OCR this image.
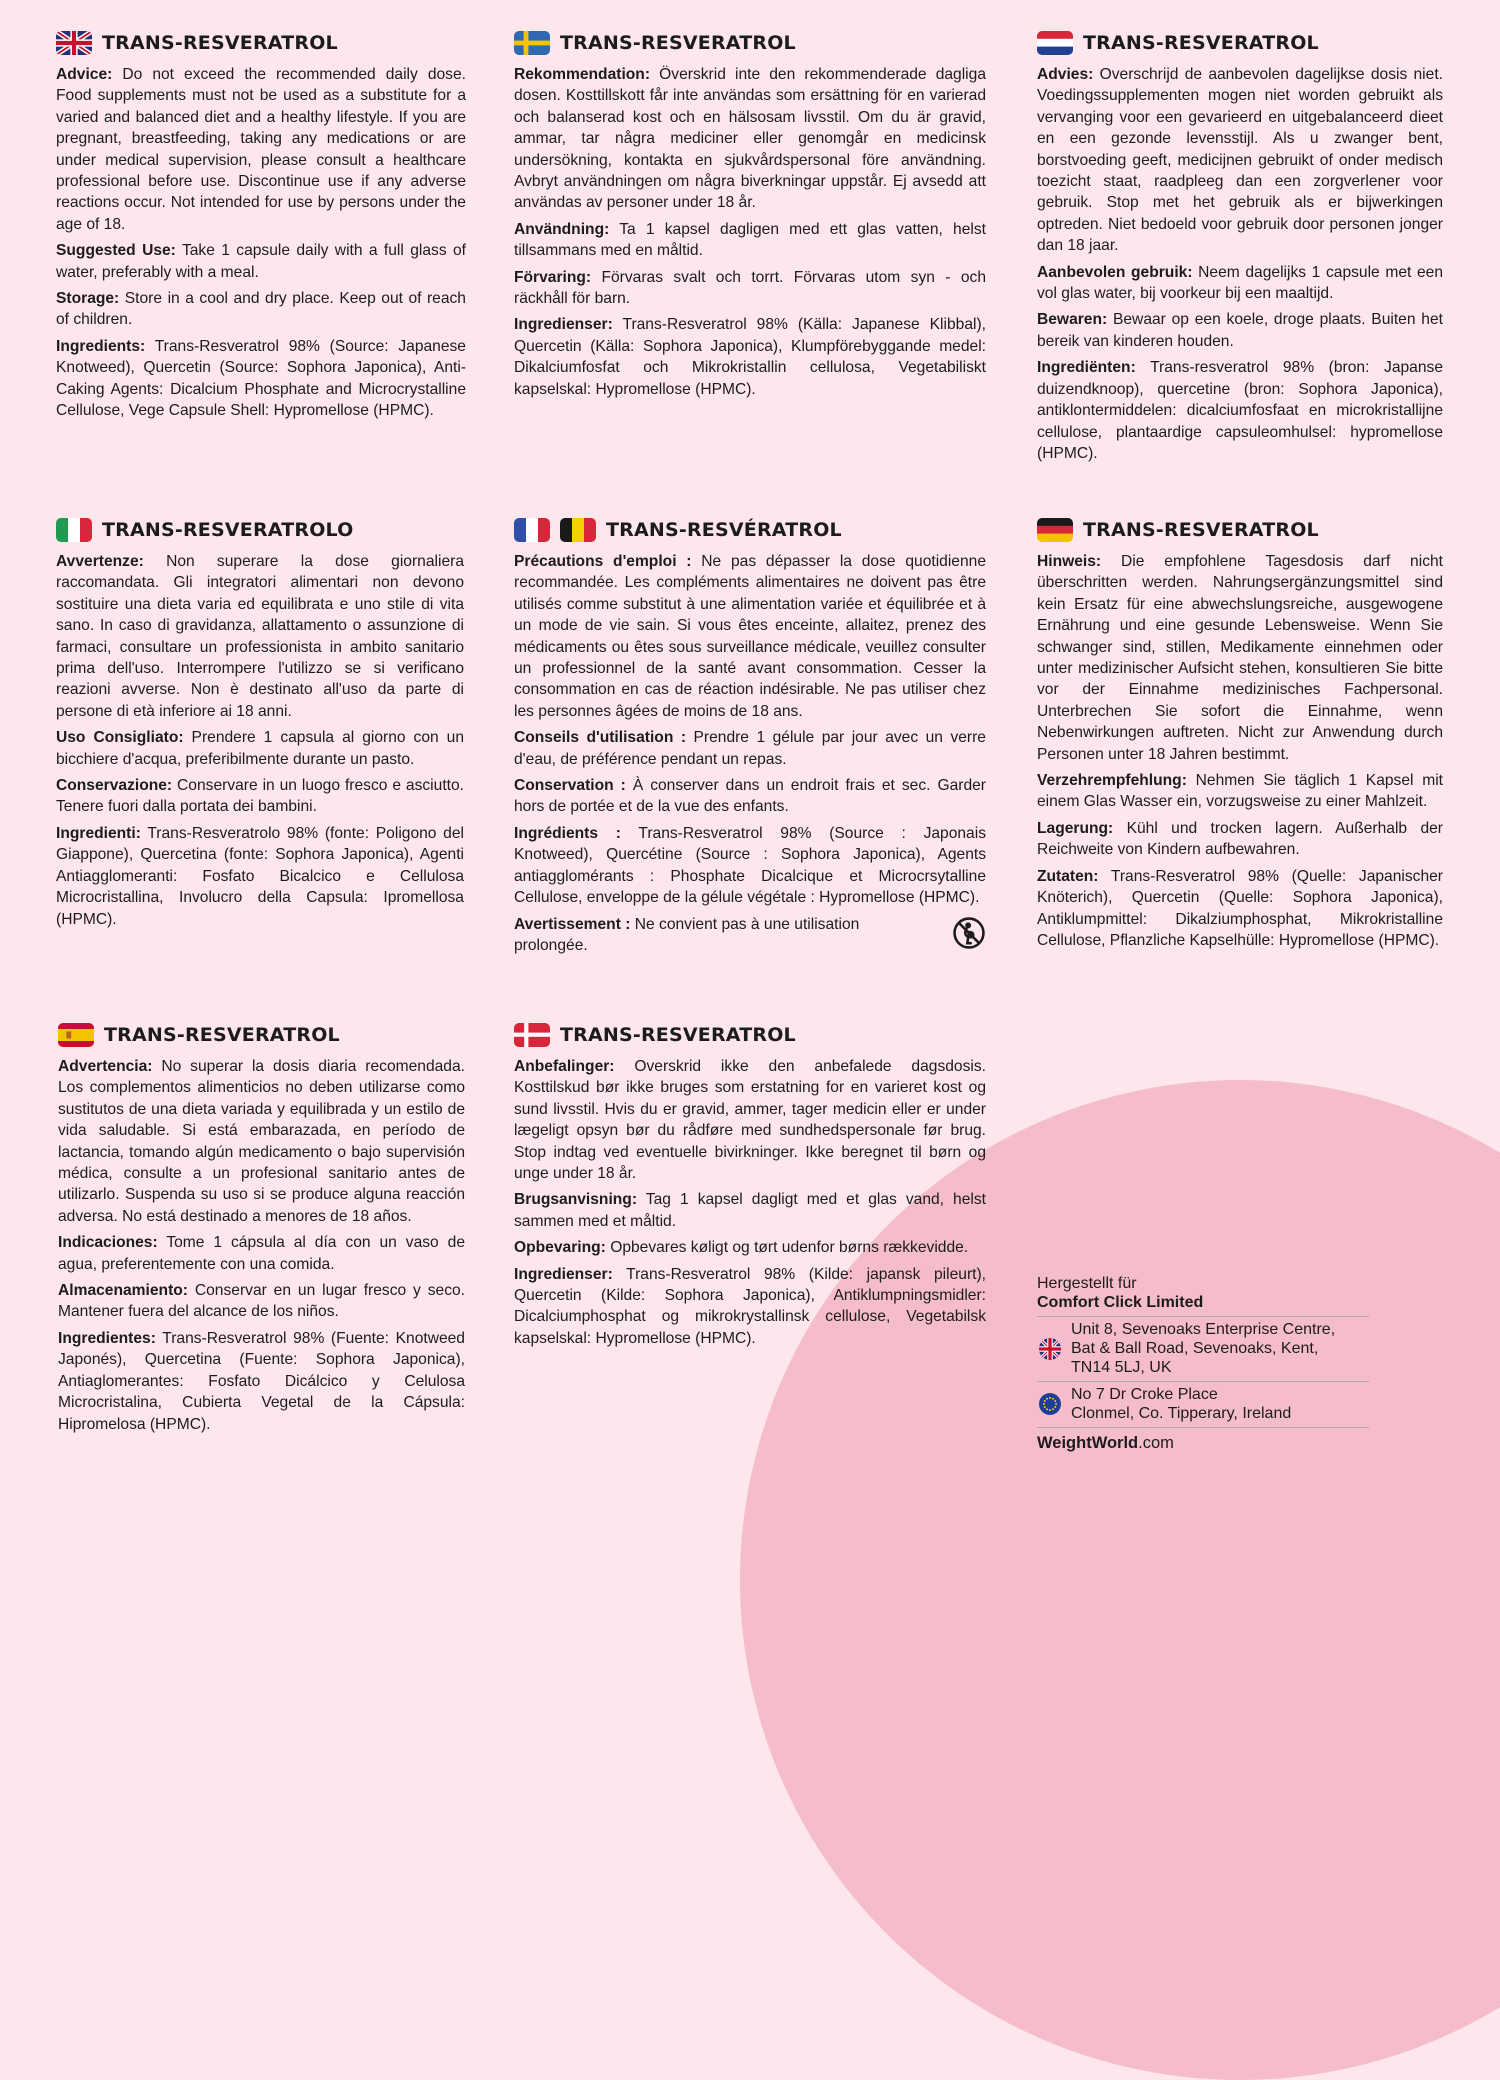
TRANS-RESVERATROL

Advice: Do not exceed the recommended daily dose. Food supplements must not be used as a substitute for a varied and balanced diet and a healthy lifestyle. If you are pregnant, breastfeeding, taking any medications or are under medical supervision, please consult a healthcare professional before use. Discontinue use if any adverse reactions occur. Not intended for use by persons under the age of 18.

Suggested Use: Take 1 capsule daily with a full glass of water, preferably with a meal.

Storage: Store in a cool and dry place. Keep out of reach of children.

Ingredients: Trans-Resveratrol 98% (Source: Japanese Knotweed), Quercetin (Source: Sophora Japonica), Anti-Caking Agents: Dicalcium Phosphate and Microcrystalline Cellulose, Vege Capsule Shell: Hypromellose (HPMC).

TRANS-RESVERATROL

Rekommendation: Överskrid inte den rekommenderade dagliga dosen. Kosttillskott får inte användas som ersättning för en varierad och balanserad kost och en hälsosam livsstil. Om du är gravid, ammar, tar några mediciner eller genomgår en medicinsk undersökning, kontakta en sjukvårdspersonal före användning. Avbryt användningen om några biverkningar uppstår. Ej avsedd att användas av personer under 18 år.

Användning: Ta 1 kapsel dagligen med ett glas vatten, helst tillsammans med en måltid.

Förvaring: Förvaras svalt och torrt. Förvaras utom syn - och räckhåll för barn.

Ingredienser: Trans-Resveratrol 98% (Källa: Japanese Klibbal), Quercetin (Källa: Sophora Japonica), Klumpförebyggande medel: Dikalciumfosfat och Mikrokristallin cellulosa, Vegetabiliskt kapselskal: Hypromellose (HPMC).

TRANS-RESVERATROL

Advies: Overschrijd de aanbevolen dagelijkse dosis niet. Voedingssupplementen mogen niet worden gebruikt als vervanging voor een gevarieerd en uitgebalanceerd dieet en een gezonde levensstijl. Als u zwanger bent, borstvoeding geeft, medicijnen gebruikt of onder medisch toezicht staat, raadpleeg dan een zorgverlener voor gebruik. Stop met het gebruik als er bijwerkingen optreden. Niet bedoeld voor gebruik door personen jonger dan 18 jaar.

Aanbevolen gebruik: Neem dagelijks 1 capsule met een vol glas water, bij voorkeur bij een maaltijd.

Bewaren: Bewaar op een koele, droge plaats. Buiten het bereik van kinderen houden.

Ingrediënten: Trans-resveratrol 98% (bron: Japanse duizendknoop), quercetine (bron: Sophora Japonica), antiklontermiddelen: dicalciumfosfaat en microkristallijne cellulose, plantaardige capsuleomhulsel: hypromellose (HPMC).

TRANS-RESVERATROLO

Avvertenze: Non superare la dose giornaliera raccomandata. Gli integratori alimentari non devono sostituire una dieta varia ed equilibrata e uno stile di vita sano. In caso di gravidanza, allattamento o assunzione di farmaci, consultare un professionista in ambito sanitario prima dell'uso. Interrompere l'utilizzo se si verificano reazioni avverse. Non è destinato all'uso da parte di persone di età inferiore ai 18 anni.

Uso Consigliato: Prendere 1 capsula al giorno con un bicchiere d'acqua, preferibilmente durante un pasto.

Conservazione: Conservare in un luogo fresco e asciutto. Tenere fuori dalla portata dei bambini.

Ingredienti: Trans-Resveratrolo 98% (fonte: Poligono del Giappone), Quercetina (fonte: Sophora Japonica), Agenti Antiagglomeranti: Fosfato Bicalcico e Cellulosa Microcristallina, Involucro della Capsula: Ipromellosa (HPMC).

TRANS-RESVÉRATROL

Précautions d'emploi : Ne pas dépasser la dose quotidienne recommandée. Les compléments alimentaires ne doivent pas être utilisés comme substitut à une alimentation variée et équilibrée et à un mode de vie sain. Si vous êtes enceinte, allaitez, prenez des médicaments ou êtes sous surveillance médicale, veuillez consulter un professionnel de la santé avant consommation. Cesser la consommation en cas de réaction indésirable. Ne pas utiliser chez les personnes âgées de moins de 18 ans.

Conseils d'utilisation : Prendre 1 gélule par jour avec un verre d'eau, de préférence pendant un repas.

Conservation : À conserver dans un endroit frais et sec. Garder hors de portée et de la vue des enfants.

Ingrédients : Trans-Resveratrol 98% (Source : Japonais Knotweed), Quercétine (Source : Sophora Japonica), Agents antiagglomérants : Phosphate Dicalcique et Microcrsytalline Cellulose, enveloppe de la gélule végétale : Hypromellose (HPMC).

Avertissement : Ne convient pas à une utilisation prolongée.

TRANS-RESVERATROL

Hinweis: Die empfohlene Tagesdosis darf nicht überschritten werden. Nahrungsergänzungsmittel sind kein Ersatz für eine abwechslungsreiche, ausgewogene Ernährung und eine gesunde Lebensweise. Wenn Sie schwanger sind, stillen, Medikamente einnehmen oder unter medizinischer Aufsicht stehen, konsultieren Sie bitte vor der Einnahme medizinisches Fachpersonal. Unterbrechen Sie sofort die Einnahme, wenn Nebenwirkungen auftreten. Nicht zur Anwendung durch Personen unter 18 Jahren bestimmt.

Verzehrempfehlung: Nehmen Sie täglich 1 Kapsel mit einem Glas Wasser ein, vorzugsweise zu einer Mahlzeit.

Lagerung: Kühl und trocken lagern. Außerhalb der Reichweite von Kindern aufbewahren.

Zutaten: Trans-Resveratrol 98% (Quelle: Japanischer Knöterich), Quercetin (Quelle: Sophora Japonica), Antiklumpmittel: Dikalziumphosphat, Mikrokristalline Cellulose, Pflanzliche Kapselhülle: Hypromellose (HPMC).

TRANS-RESVERATROL

Advertencia: No superar la dosis diaria recomendada. Los complementos alimenticios no deben utilizarse como sustitutos de una dieta variada y equilibrada y un estilo de vida saludable. Si está embarazada, en período de lactancia, tomando algún medicamento o bajo supervisión médica, consulte a un profesional sanitario antes de utilizarlo. Suspenda su uso si se produce alguna reacción adversa. No está destinado a menores de 18 años.

Indicaciones: Tome 1 cápsula al día con un vaso de agua, preferentemente con una comida.

Almacenamiento: Conservar en un lugar fresco y seco. Mantener fuera del alcance de los niños.

Ingredientes: Trans-Resveratrol 98% (Fuente: Knotweed Japonés), Quercetina (Fuente: Sophora Japonica), Antiaglomerantes: Fosfato Dicálcico y Celulosa Microcristalina, Cubierta Vegetal de la Cápsula: Hipromelosa (HPMC).

TRANS-RESVERATROL

Anbefalinger: Overskrid ikke den anbefalede dagsdosis. Kosttilskud bør ikke bruges som erstatning for en varieret kost og sund livsstil. Hvis du er gravid, ammer, tager medicin eller er under lægeligt opsyn bør du rådføre med sundhedspersonale før brug. Stop indtag ved eventuelle bivirkninger. Ikke beregnet til børn og unge under 18 år.

Brugsanvisning: Tag 1 kapsel dagligt med et glas vand, helst sammen med et måltid.

Opbevaring: Opbevares køligt og tørt udenfor børns rækkevidde.

Ingredienser: Trans-Resveratrol 98% (Kilde: japansk pileurt), Quercetin (Kilde: Sophora Japonica), Antiklumpningsmidler: Dicalciumphosphat og mikrokrystallinsk cellulose, Vegetabilsk kapselskal: Hypromellose (HPMC).

Hergestellt für
Comfort Click Limited
Unit 8, Sevenoaks Enterprise Centre,
Bat & Ball Road, Sevenoaks, Kent,
TN14 5LJ, UK
No 7 Dr Croke Place
Clonmel, Co. Tipperary, Ireland
WeightWorld.com
